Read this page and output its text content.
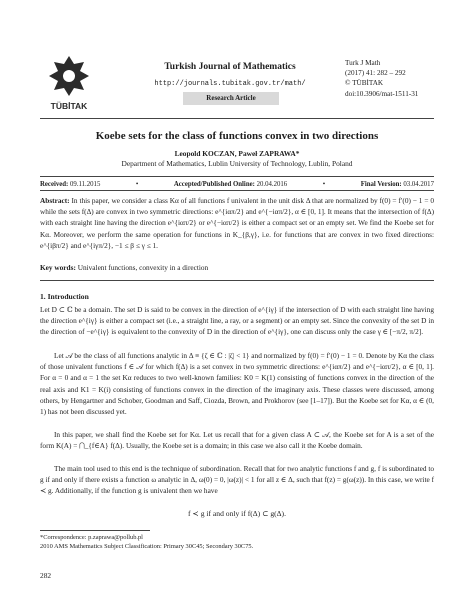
TÜBİTAK
Turkish Journal of Mathematics
http://journals.tubitak.gov.tr/math/
Research Article
Turk J Math
(2017) 41: 282 – 292
© TÜBİTAK
doi:10.3906/mat-1511-31
Koebe sets for the class of functions convex in two directions
Leopold KOCZAN, Paweł ZAPRAWA*
Department of Mathematics, Lublin University of Technology, Lublin, Poland
Received: 09.11.2015	•	Accepted/Published Online: 20.04.2016	•	Final Version: 03.04.2017
Abstract: In this paper, we consider a class Kα of all functions f univalent in the unit disk Δ that are normalized by f(0) = f′(0) − 1 = 0 while the sets f(Δ) are convex in two symmetric directions: e^{iαπ/2} and e^{−iαπ/2}, α ∈ [0, 1]. It means that the intersection of f(Δ) with each straight line having the direction e^{iαπ/2} or e^{−iαπ/2} is either a compact set or an empty set. We find the Koebe set for Kα. Moreover, we perform the same operation for functions in K_{β,γ}, i.e. for functions that are convex in two fixed directions: e^{iβπ/2} and e^{iγπ/2}, −1 ≤ β ≤ γ ≤ 1.
Key words: Univalent functions, convexity in a direction
1. Introduction
Let D ⊂ ℂ be a domain. The set D is said to be convex in the direction of e^{iγ} if the intersection of D with each straight line having the direction e^{iγ} is either a compact set (i.e., a straight line, a ray, or a segment) or an empty set. Since the convexity of the set D in the direction of −e^{iγ} is equivalent to the convexity of D in the direction of e^{iγ}, one can discuss only the case γ ∈ [−π/2, π/2].
Let 𝒜 be the class of all functions analytic in Δ ≡ {ζ ∈ ℂ : |ζ| < 1} and normalized by f(0) = f′(0) − 1 = 0. Denote by Kα the class of those univalent functions f ∈ 𝒜 for which f(Δ) is a set convex in two symmetric directions: e^{iαπ/2} and e^{−iαπ/2}, α ∈ [0, 1]. For α = 0 and α = 1 the set Kα reduces to two well-known families: K0 = K(1) consisting of functions convex in the direction of the real axis and K1 = K(i) consisting of functions convex in the direction of the imaginary axis. These classes were discussed, among others, by Hengartner and Schober, Goodman and Saff, Ciozda, Brown, and Prokhorov (see [1–17]). But the Koebe set for Kα, α ∈ (0, 1) has not been discussed yet.
In this paper, we shall find the Koebe set for Kα. Let us recall that for a given class A ⊂ 𝒜, the Koebe set for A is a set of the form K(A) = ⋂_{f∈A} f(Δ). Usually, the Koebe set is a domain; in this case we also call it the Koebe domain.
The main tool used to this end is the technique of subordination. Recall that for two analytic functions f and g, f is subordinated to g if and only if there exists a function ω analytic in Δ, ω(0) = 0, |ω(z)| < 1 for all z ∈ Δ, such that f(z) = g(ω(z)). In this case, we write f ≺ g. Additionally, if the function g is univalent then we have
f ≺ g if and only if f(Δ) ⊂ g(Δ).
*Correspondence: p.zaprawa@pollub.pl
2010 AMS Mathematics Subject Classification: Primary 30C45; Secondary 30C75.
282
